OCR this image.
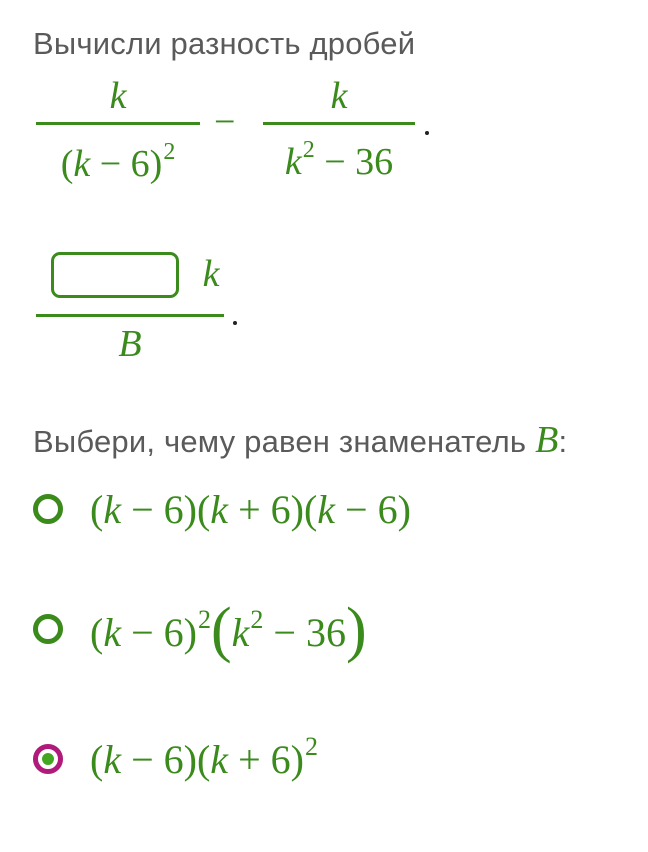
Вычисли разность дробей
k
$(k - 6)^2$
−
k
$k^2 - 36$
k
B
Выбери, чему равен знаменатель B:
(k − 6)(k + 6)(k − 6)
$(k - 6)^2(k^2 - 36)$
$(k - 6)(k + 6)^2$
